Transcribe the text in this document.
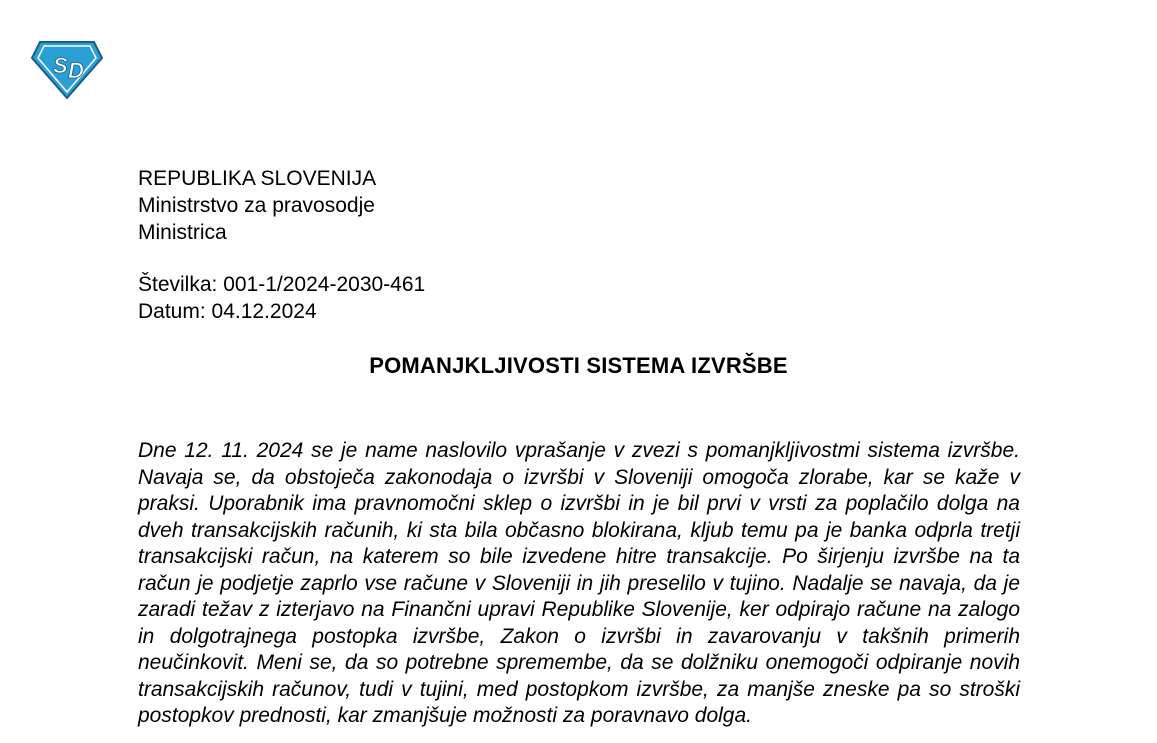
S D
REPUBLIKA SLOVENIJA
Ministrstvo za pravosodje
Ministrica
Številka: 001-1/2024-2030-461
Datum: 04.12.2024
POMANJKLJIVOSTI SISTEMA IZVRŠBE

Dne 12. 11. 2024 se je name naslovilo vprašanje v zvezi s pomanjkljivostmi sistema izvršbe. Navaja se, da obstoječa zakonodaja o izvršbi v Sloveniji omogoča zlorabe, kar se kaže v praksi. Uporabnik ima pravnomočni sklep o izvršbi in je bil prvi v vrsti za poplačilo dolga na dveh transakcijskih računih, ki sta bila občasno blokirana, kljub temu pa je banka odprla tretji transakcijski račun, na katerem so bile izvedene hitre transakcije. Po širjenju izvršbe na ta račun je podjetje zaprlo vse račune v Sloveniji in jih preselilo v tujino. Nadalje se navaja, da je zaradi težav z izterjavo na Finančni upravi Republike Slovenije, ker odpirajo račune na zalogo in dolgotrajnega postopka izvršbe, Zakon o izvršbi in zavarovanju v takšnih primerih neučinkovit. Meni se, da so potrebne spremembe, da se dolžniku onemogoči odpiranje novih transakcijskih računov, tudi v tujini, med postopkom izvršbe, za manjše zneske pa so stroški postopkov prednosti, kar zmanjšuje možnosti za poravnavo dolga.
